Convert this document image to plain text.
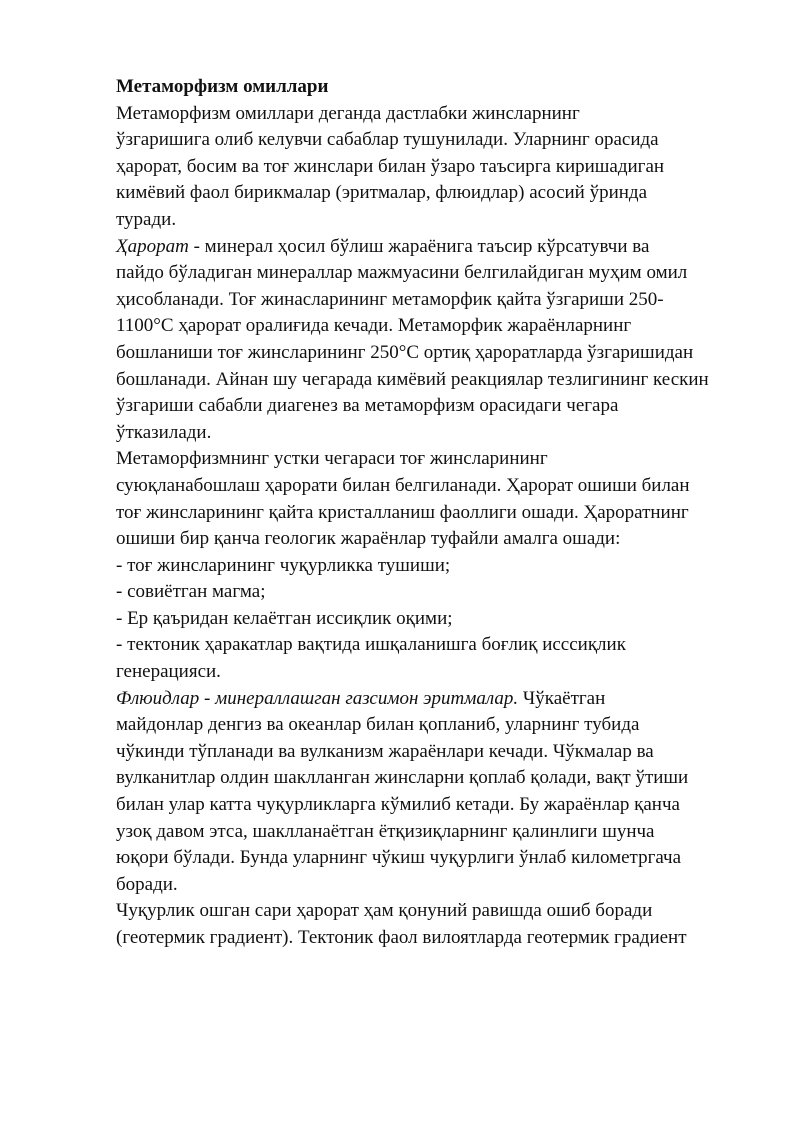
Метаморфизм омиллари
Метаморфизм омиллари деганда дастлабки жинсларнинг
ўзгаришига олиб келувчи сабаблар тушунилади. Уларнинг орасида
ҳарорат, босим ва тоғ жинслари билан ўзаро таъсирга киришадиган
кимёвий фаол бирикмалар (эритмалар, флюидлар) асосий ўринда
туради.
Ҳарорат - минерал ҳосил бўлиш жараёнига таъсир кўрсатувчи ва
пайдо бўладиган минераллар мажмуасини белгилайдиган муҳим омил
ҳисобланади. Тоғ жинасларининг метаморфик қайта ўзгариши 250-
1100°С ҳарорат оралиғида кечади. Метаморфик жараёнларнинг
бошланиши тоғ жинсларининг 250°С ортиқ ҳароратларда ўзгаришидан
бошланади. Айнан шу чегарада кимёвий реакциялар тезлигининг кескин
ўзгариши сабабли диагенез ва метаморфизм орасидаги чегара
ўтказилади.
Метаморфизмнинг устки чегараси тоғ жинсларининг
суюқланабошлаш ҳарорати билан белгиланади. Ҳарорат ошиши билан
тоғ жинсларининг қайта кристалланиш фаоллиги ошади. Ҳароратнинг
ошиши бир қанча геологик жараёнлар туфайли амалга ошади:
- тоғ жинсларининг чуқурликка тушиши;
- совиётган магма;
- Ер қаъридан келаётган иссиқлик оқими;
- тектоник ҳаракатлар вақтида ишқаланишга боғлиқ исссиқлик
генерацияси.
Флюидлар - минераллашган газсимон эритмалар. Чўкаётган
майдонлар денгиз ва океанлар билан қопланиб, уларнинг тубида
чўкинди тўпланади ва вулканизм жараёнлари кечади. Чўкмалар ва
вулканитлар олдин шаклланган жинсларни қоплаб қолади, вақт ўтиши
билан улар катта чуқурликларга кўмилиб кетади. Бу жараёнлар қанча
узоқ давом этса, шаклланаётган ётқизиқларнинг қалинлиги шунча
юқори бўлади. Бунда уларнинг чўкиш чуқурлиги ўнлаб километргача
боради.
Чуқурлик ошган сари ҳарорат ҳам қонуний равишда ошиб боради
(геотермик градиент). Тектоник фаол вилоятларда геотермик градиент
